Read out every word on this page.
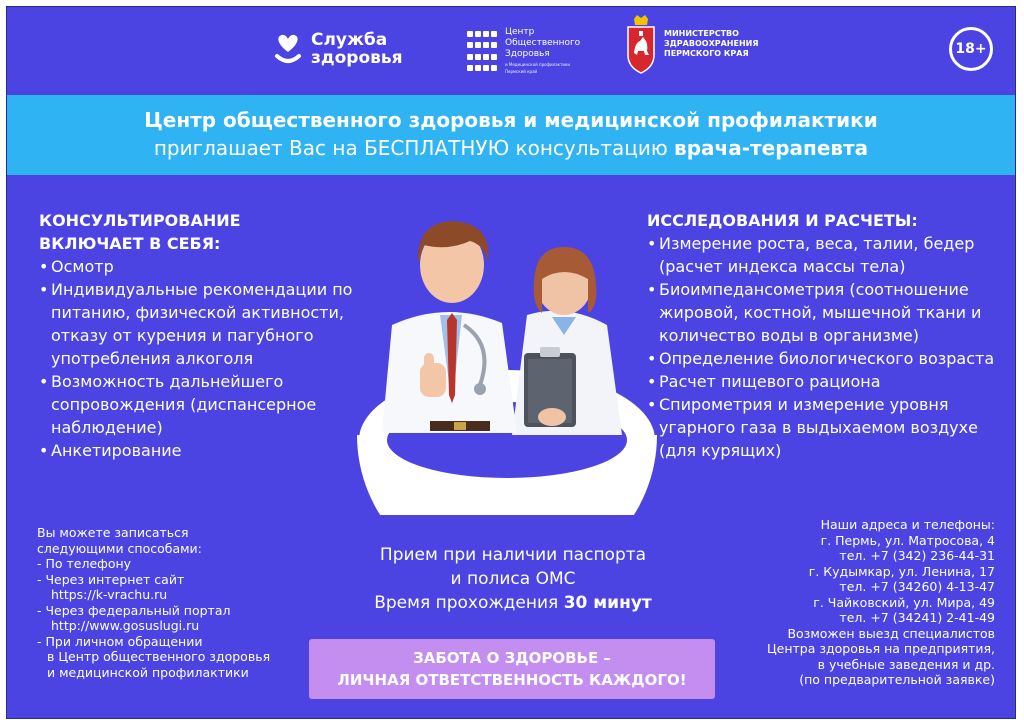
Служба
здоровья
Центр
Общественного
Здоровья
и Медицинской профилактики
Пермский край
МИНИСТЕРСТВО
ЗДРАВООХРАНЕНИЯ
ПЕРМСКОГО КРАЯ	18+
Центр общественного здоровья и медицинской профилактики
приглашает Вас на БЕСПЛАТНУЮ консультацию врача-терапевта
КОНСУЛЬТИРОВАНИЕ
ВКЛЮЧАЕТ В СЕБЯ:
• Осмотр
• Индивидуальные рекомендации по питанию, физической активности, отказу от курения и пагубного употребления алкоголя
• Возможность дальнейшего сопровождения (диспансерное наблюдение)
• Анкетирование
ИССЛЕДОВАНИЯ И РАСЧЕТЫ:
• Измерение роста, веса, талии, бедер (расчет индекса массы тела)
• Биоимпедансометрия (соотношение жировой, костной, мышечной ткани и количество воды в организме)
• Определение биологического возраста
• Расчет пищевого рациона
• Спирометрия и измерение уровня угарного газа в выдыхаемом воздухе (для курящих)
Вы можете записаться
следующими способами:
- По телефону
- Через интернет сайт
https://k-vrachu.ru
- Через федеральный портал
http://www.gosuslugi.ru
- При личном обращении
в Центр общественного здоровья
и медицинской профилактики
Прием при наличии паспорта
и полиса ОМС
Время прохождения 30 минут
ЗАБОТА О ЗДОРОВЬЕ –
ЛИЧНАЯ ОТВЕТСТВЕННОСТЬ КАЖДОГО!
Наши адреса и телефоны:
г. Пермь, ул. Матросова, 4
тел. +7 (342) 236-44-31
г. Кудымкар, ул. Ленина, 17
тел. +7 (34260) 4-13-47
г. Чайковский, ул. Мира, 49
тел. +7 (34241) 2-41-49
Возможен выезд специалистов
Центра здоровья на предприятия,
в учебные заведения и др.
(по предварительной заявке)
